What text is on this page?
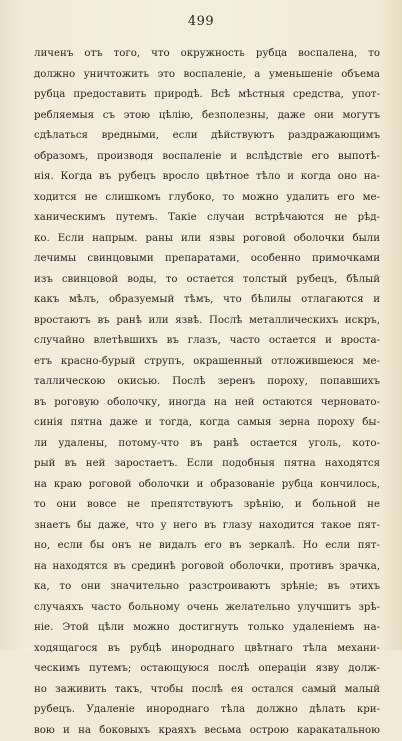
499
личенъ отъ того, что окружность рубца воспалена, то
должно уничтожить это воспаленіе, а уменьшеніе объема
рубца предоставить природѣ. Всѣ мѣстныя средства, упот-
ребляемыя съ этою цѣлію, безполезны, даже они могутъ
сдѣлаться вредными, если дѣйствуютъ раздражающимъ
образомъ, производя воспаленіе и вслѣдствіе его выпотѣ-
нія. Когда въ рубецъ вросло цвѣтное тѣло и когда оно на-
ходится не слишкомъ глубоко, то можно удалить его ме-
ханическимъ путемъ. Такіе случаи встрѣчаются не рѣд-
ко. Если напрым. раны или язвы роговой оболочки были
лечимы свинцовыми препаратами, особенно примочками
изъ свинцовой воды, то остается толстый рубецъ, бѣлый
какъ мѣлъ, образуемый тѣмъ, что бѣлилы отлагаются и
вростаютъ въ ранѣ или язвѣ. Послѣ металлическихъ искръ,
случайно влетѣвшихъ въ глазъ, часто остается и вроста-
етъ красно-бурый струпъ, окрашенный отложившеюся ме-
таллическою окисью. Послѣ зеренъ пороху, попавшихъ
въ роговую оболочку, иногда на ней остаются черновато-
синія пятна даже и тогда, когда самыя зерна пороху бы-
ли удалены, потому-что въ ранѣ остается уголь, кото-
рый въ ней заростаетъ. Если подобныя пятна находятся
на краю роговой оболочки и образованіе рубца кончилось,
то они вовсе не препятствуютъ зрѣнію, и больной не
знаетъ бы даже, что у него въ глазу находится такое пят-
но, если бы онъ не видалъ его въ зеркалѣ. Но если пят-
на находятся въ срединѣ роговой оболочки, противъ зрачка,
ка, то они значительно разстроиваютъ зрѣніе; въ этихъ
случаяхъ часто больному очень желательно улучшитъ зрѣ-
ніе. Этой цѣли можно достигнуть только удаленіемъ на-
ходящагося въ рубцѣ инороднаго цвѣтнаго тѣла механи-
ческимъ путемъ; остающуюся послѣ операціи язву долж-
но заживить такъ, чтобы послѣ ея остался самый малый
рубецъ. Удаленіе инороднаго тѣла должно дѣлать кри-
вою и на боковыхъ краяхъ весьма острою каракатальною
